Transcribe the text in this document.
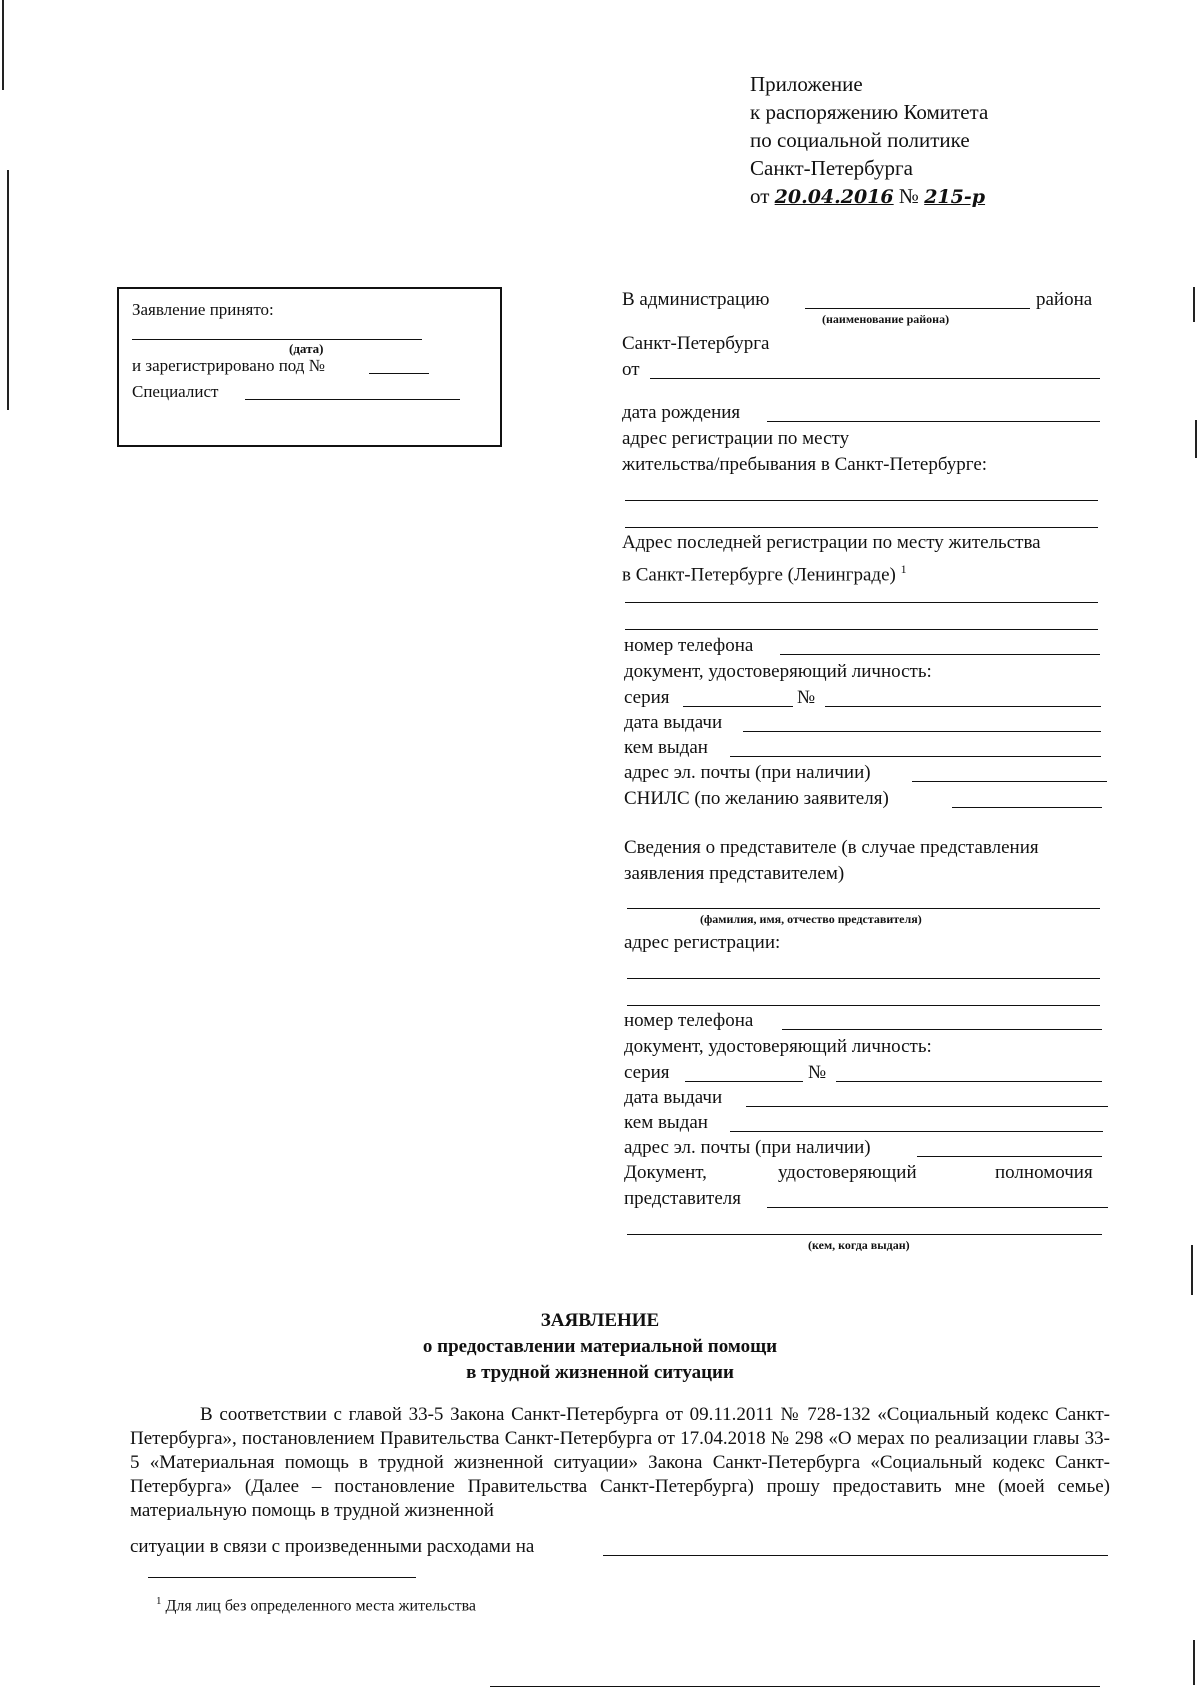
Приложение
к распоряжению Комитета
по социальной политике
Санкт-Петербурга
от 20.04.2016 № 215-р
Заявление принято:
(дата)
и зарегистрировано под №
Специалист
В администрацию	района
(наименование района)
Санкт-Петербурга
от
дата рождения
адрес регистрации по месту
жительства/пребывания в Санкт-Петербурге:
Адрес последней регистрации по месту жительства
в Санкт-Петербурге (Ленинграде) $^1$
номер телефона
документ, удостоверяющий личность:
серия	№
дата выдачи
кем выдан
адрес эл. почты (при наличии)
СНИЛС (по желанию заявителя)
Сведения о представителе (в случае представления
заявления представителем)
(фамилия, имя, отчество представителя)
адрес регистрации:
номер телефона
документ, удостоверяющий личность:
серия	№
дата выдачи
кем выдан
адрес эл. почты (при наличии)
Документ,	удостоверяющий	полномочия
представителя
(кем, когда выдан)
ЗАЯВЛЕНИЕ
о предоставлении материальной помощи
в трудной жизненной ситуации
В соответствии с главой 33-5 Закона Санкт-Петербурга от 09.11.2011 № 728-132 «Социальный кодекс Санкт-Петербурга», постановлением Правительства Санкт-Петербурга от 17.04.2018 № 298 «О мерах по реализации главы 33-5 «Материальная помощь в трудной жизненной ситуации» Закона Санкт-Петербурга «Социальный кодекс Санкт-Петербурга» (Далее – постановление Правительства Санкт-Петербурга) прошу предоставить мне (моей семье) материальную помощь в трудной жизненной
ситуации в связи с произведенными расходами на
$^1$ Для лиц без определенного места жительства
